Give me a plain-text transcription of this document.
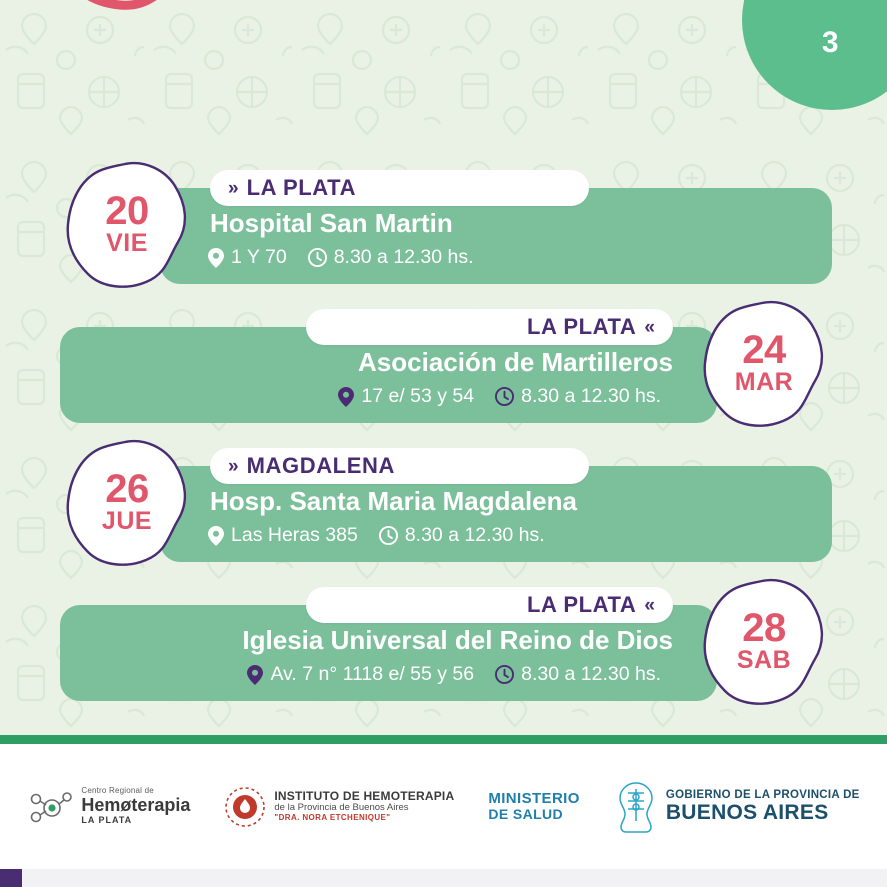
3
» LA PLATA
Hospital San Martin
1 Y 70 8.30 a 12.30 hs.
20
VIE
LA PLATA «
Asociación de Martilleros
17 e/ 53 y 54 8.30 a 12.30 hs.
24
MAR
» MAGDALENA
Hosp. Santa Maria Magdalena
Las Heras 385 8.30 a 12.30 hs.
26
JUE
LA PLATA «
Iglesia Universal del Reino de Dios
Av. 7 n° 1118 e/ 55 y 56 8.30 a 12.30 hs.
28
SAB
Centro Regional de
Hemøterapia
LA PLATA
INSTITUTO DE HEMOTERAPIA
de la Provincia de Buenos Aires
"DRA. NORA ETCHENIQUE"
MINISTERIO
DE SALUD
GOBIERNO DE LA PROVINCIA DE
BUENOS AIRES
